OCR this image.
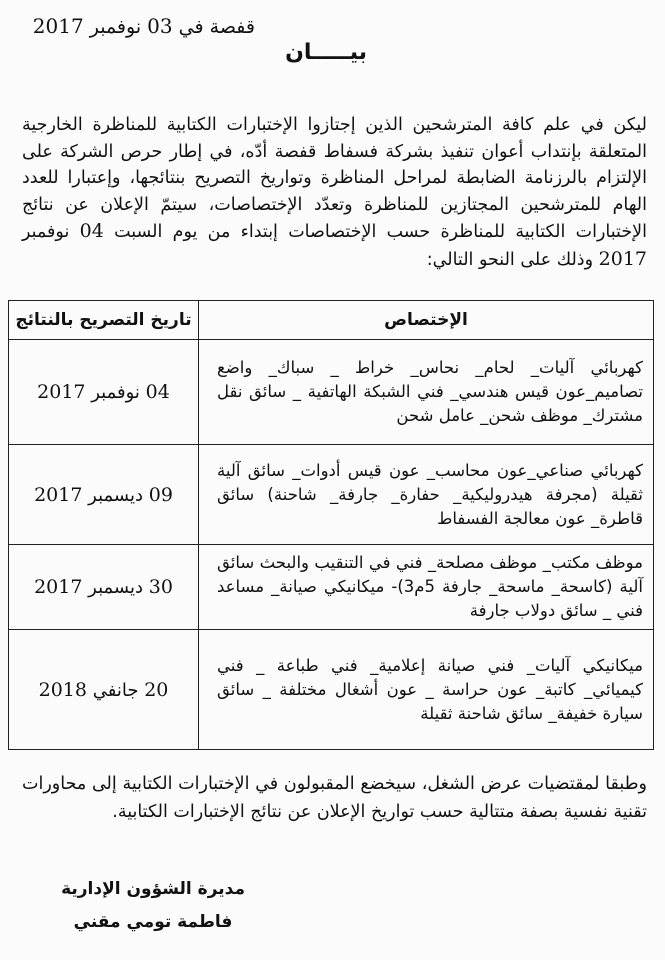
قفصة في 03 نوفمبر 2017
بيـــــان
ليكن في علم كافة المترشحين الذين إجتازوا الإختبارات الكتابية للمناظرة الخارجية المتعلقة بإنتداب أعوان تنفيذ بشركة فسفاط قفصة أدّه، في إطار حرص الشركة على الإلتزام بالرزنامة الضابطة لمراحل المناظرة وتواريخ التصريح بنتائجها، وإعتبارا للعدد الهام للمترشحين المجتازين للمناظرة وتعدّد الإختصاصات، سيتمّ الإعلان عن نتائج الإختبارات الكتابية للمناظرة حسب الإختصاصات إبتداء من يوم السبت 04 نوفمبر 2017 وذلك على النحو التالي:
الإختصاص	تاريخ التصريح بالنتائج
كهربائي آليات_ لحام_ نحاس_ خراط _ سباك_ واضع تصاميم_عون قيس هندسي_ فني الشبكة الهاتفية _ سائق نقل مشترك_ موظف شحن_ عامل شحن	04 نوفمبر 2017
كهربائي صناعي_عون محاسب_ عون قيس أدوات_ سائق آلية ثقيلة (مجرفة هيدروليكية_ حفارة_ جارفة_ شاحنة) سائق قاطرة_ عون معالجة الفسفاط	09 ديسمبر 2017
موظف مكتب_ موظف مصلحة_ فني في التنقيب والبحث سائق آلية (كاسحة_ ماسحة_ جارفة 5م3)- ميكانيكي صيانة_ مساعد فني _ سائق دولاب جارفة	30 ديسمبر 2017
ميكانيكي آليات_ فني صيانة إعلامية_ فني طباعة _ فني كيميائي_ كاتبة_ عون حراسة _ عون أشغال مختلفة _ سائق سيارة خفيفة_ سائق شاحنة ثقيلة	20 جانفي 2018
وطبقا لمقتضيات عرض الشغل، سيخضع المقبولون في الإختبارات الكتابية إلى محاورات تقنية نفسية بصفة متتالية حسب تواريخ الإعلان عن نتائج الإختبارات الكتابية.
مديرة الشؤون الإدارية
فاطمة تومي مقني
